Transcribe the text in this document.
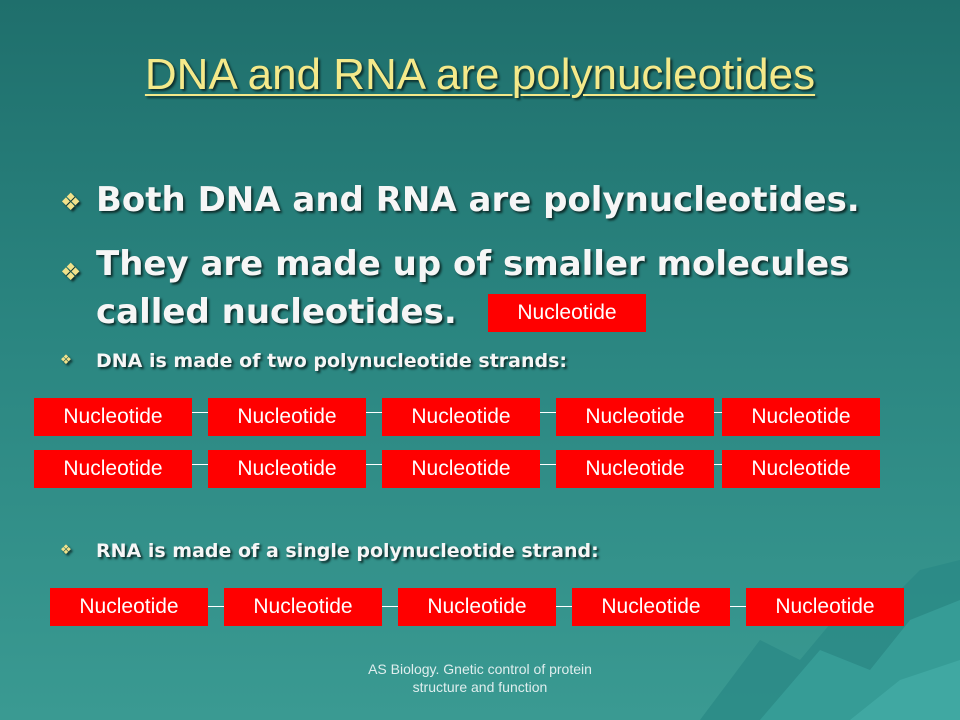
DNA and RNA are polynucleotides
❖ Both DNA and RNA are polynucleotides.
❖ They are made up of smaller molecules called nucleotides.	Nucleotide
❖	DNA is made of two polynucleotide strands:
Nucleotide	Nucleotide	Nucleotide	Nucleotide	Nucleotide
Nucleotide	Nucleotide	Nucleotide	Nucleotide	Nucleotide
❖	RNA is made of a single polynucleotide strand:
Nucleotide	Nucleotide	Nucleotide	Nucleotide	Nucleotide
AS Biology. Gnetic control of protein structure and function
